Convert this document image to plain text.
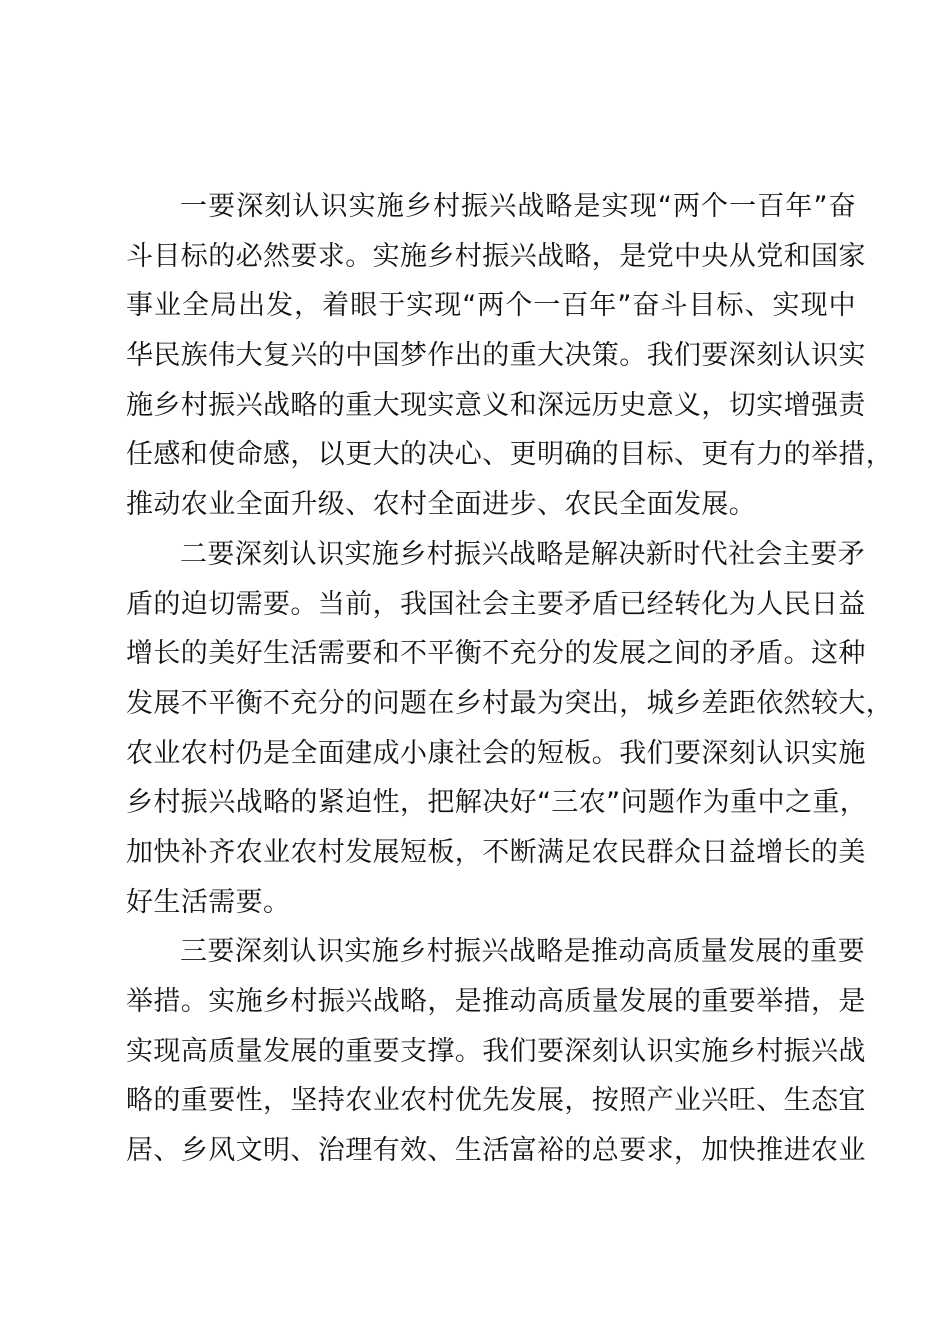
一要深刻认识实施乡村振兴战略是实现“两个一百年”奋
斗目标的必然要求。实施乡村振兴战略，是党中央从党和国家
事业全局出发，着眼于实现“两个一百年”奋斗目标、实现中
华民族伟大复兴的中国梦作出的重大决策。我们要深刻认识实
施乡村振兴战略的重大现实意义和深远历史意义，切实增强责
任感和使命感，以更大的决心、更明确的目标、更有力的举措，
推动农业全面升级、农村全面进步、农民全面发展。
二要深刻认识实施乡村振兴战略是解决新时代社会主要矛
盾的迫切需要。当前，我国社会主要矛盾已经转化为人民日益
增长的美好生活需要和不平衡不充分的发展之间的矛盾。这种
发展不平衡不充分的问题在乡村最为突出，城乡差距依然较大，
农业农村仍是全面建成小康社会的短板。我们要深刻认识实施
乡村振兴战略的紧迫性，把解决好“三农”问题作为重中之重，
加快补齐农业农村发展短板，不断满足农民群众日益增长的美
好生活需要。
三要深刻认识实施乡村振兴战略是推动高质量发展的重要
举措。实施乡村振兴战略，是推动高质量发展的重要举措，是
实现高质量发展的重要支撑。我们要深刻认识实施乡村振兴战
略的重要性，坚持农业农村优先发展，按照产业兴旺、生态宜
居、乡风文明、治理有效、生活富裕的总要求，加快推进农业
